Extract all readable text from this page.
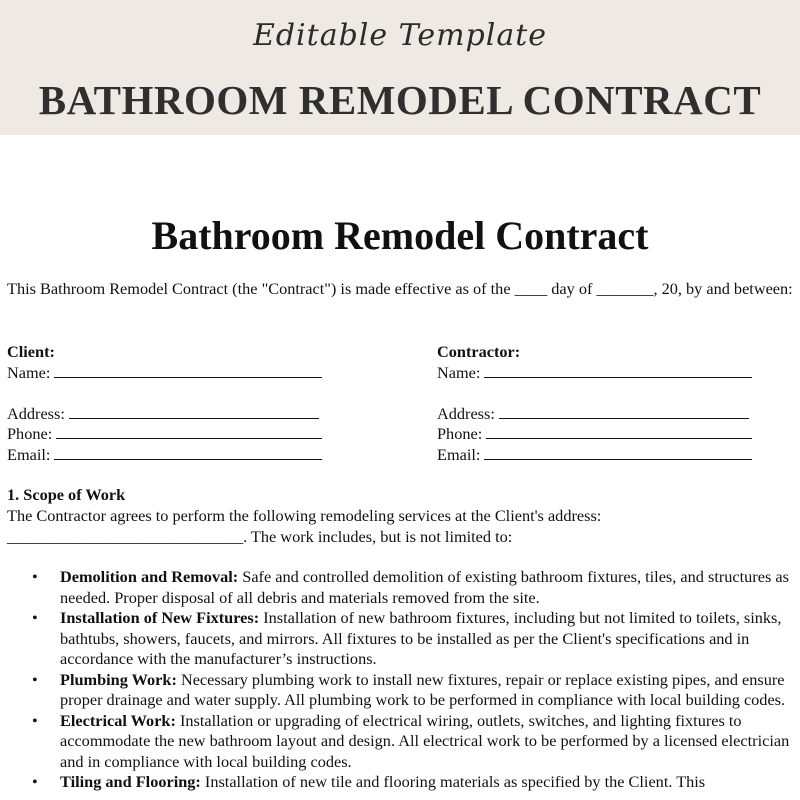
Editable Template
BATHROOM REMODEL CONTRACT
Bathroom Remodel Contract
This Bathroom Remodel Contract (the "Contract") is made effective as of the ____ day of _______, 20, by and between:
Client:
Name:
Address:
Phone:
Email:
Contractor:
Name:
Address:
Phone:
Email:
1. Scope of Work
The Contractor agrees to perform the following remodeling services at the Client's address:
_____________________________. The work includes, but is not limited to:
• Demolition and Removal: Safe and controlled demolition of existing bathroom fixtures, tiles, and structures as needed. Proper disposal of all debris and materials removed from the site.
• Installation of New Fixtures: Installation of new bathroom fixtures, including but not limited to toilets, sinks, bathtubs, showers, faucets, and mirrors. All fixtures to be installed as per the Client's specifications and in accordance with the manufacturer’s instructions.
• Plumbing Work: Necessary plumbing work to install new fixtures, repair or replace existing pipes, and ensure proper drainage and water supply. All plumbing work to be performed in compliance with local building codes.
• Electrical Work: Installation or upgrading of electrical wiring, outlets, switches, and lighting fixtures to accommodate the new bathroom layout and design. All electrical work to be performed by a licensed electrician and in compliance with local building codes.
• Tiling and Flooring: Installation of new tile and flooring materials as specified by the Client. This
